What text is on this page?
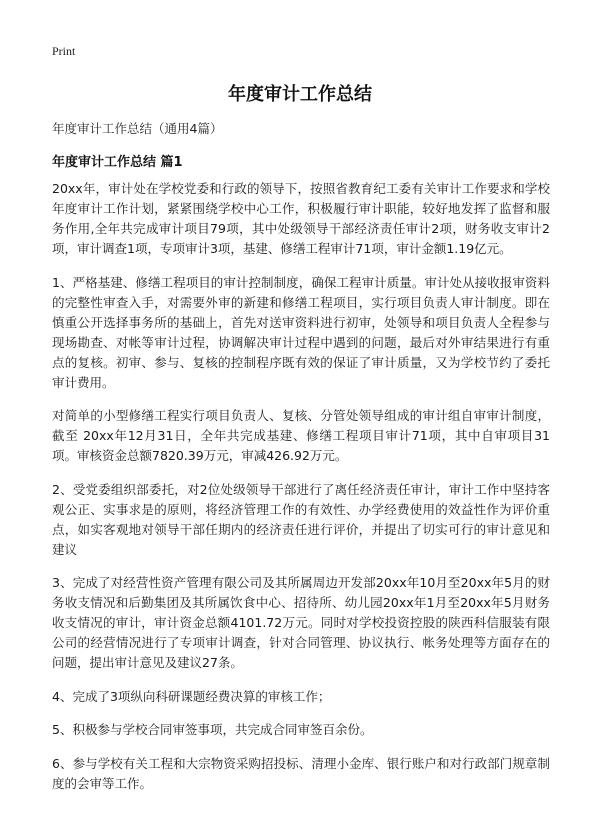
Print
年度审计工作总结
年度审计工作总结（通用4篇）
年度审计工作总结 篇1

20xx年，审计处在学校党委和行政的领导下，按照省教育纪工委有关审计工作要求和学校年度审计工作计划，紧紧围绕学校中心工作，积极履行审计职能，较好地发挥了监督和服务作用,全年共完成审计项目79项，其中处级领导干部经济责任审计2项，财务收支审计2项，审计调查1项，专项审计3项，基建、修缮工程审计71项，审计金额1.19亿元。

1、严格基建、修缮工程项目的审计控制制度，确保工程审计质量。审计处从接收报审资料的完整性审查入手，对需要外审的新建和修缮工程项目，实行项目负责人审计制度。即在慎重公开选择事务所的基础上，首先对送审资料进行初审，处领导和项目负责人全程参与现场勘查、对帐等审计过程，协调解决审计过程中遇到的问题，最后对外审结果进行有重点的复核。初审、参与、复核的控制程序既有效的保证了审计质量，又为学校节约了委托审计费用。

对简单的小型修缮工程实行项目负责人、复核、分管处领导组成的审计组自审审计制度，截至 20xx年12月31日，全年共完成基建、修缮工程项目审计71项，其中自审项目31项。审核资金总额7820.39万元，审减426.92万元。

2、受党委组织部委托，对2位处级领导干部进行了离任经济责任审计，审计工作中坚持客观公正、实事求是的原则，将经济管理工作的有效性、办学经费使用的效益性作为评价重点，如实客观地对领导干部任期内的经济责任进行评价，并提出了切实可行的审计意见和建议

3、完成了对经营性资产管理有限公司及其所属周边开发部20xx年10月至20xx年5月的财务收支情况和后勤集团及其所属饮食中心、招待所、幼儿园20xx年1月至20xx年5月财务收支情况的审计，审计资金总额4101.72万元。同时对学校投资控股的陕西科信服装有限公司的经营情况进行了专项审计调查，针对合同管理、协议执行、帐务处理等方面存在的问题，提出审计意见及建议27条。

4、完成了3项纵向科研课题经费决算的审核工作；

5、积极参与学校合同审签事项，共完成合同审签百余份。

6、参与学校有关工程和大宗物资采购招投标、清理小金库、银行账户和对行政部门规章制度的会审等工作。
